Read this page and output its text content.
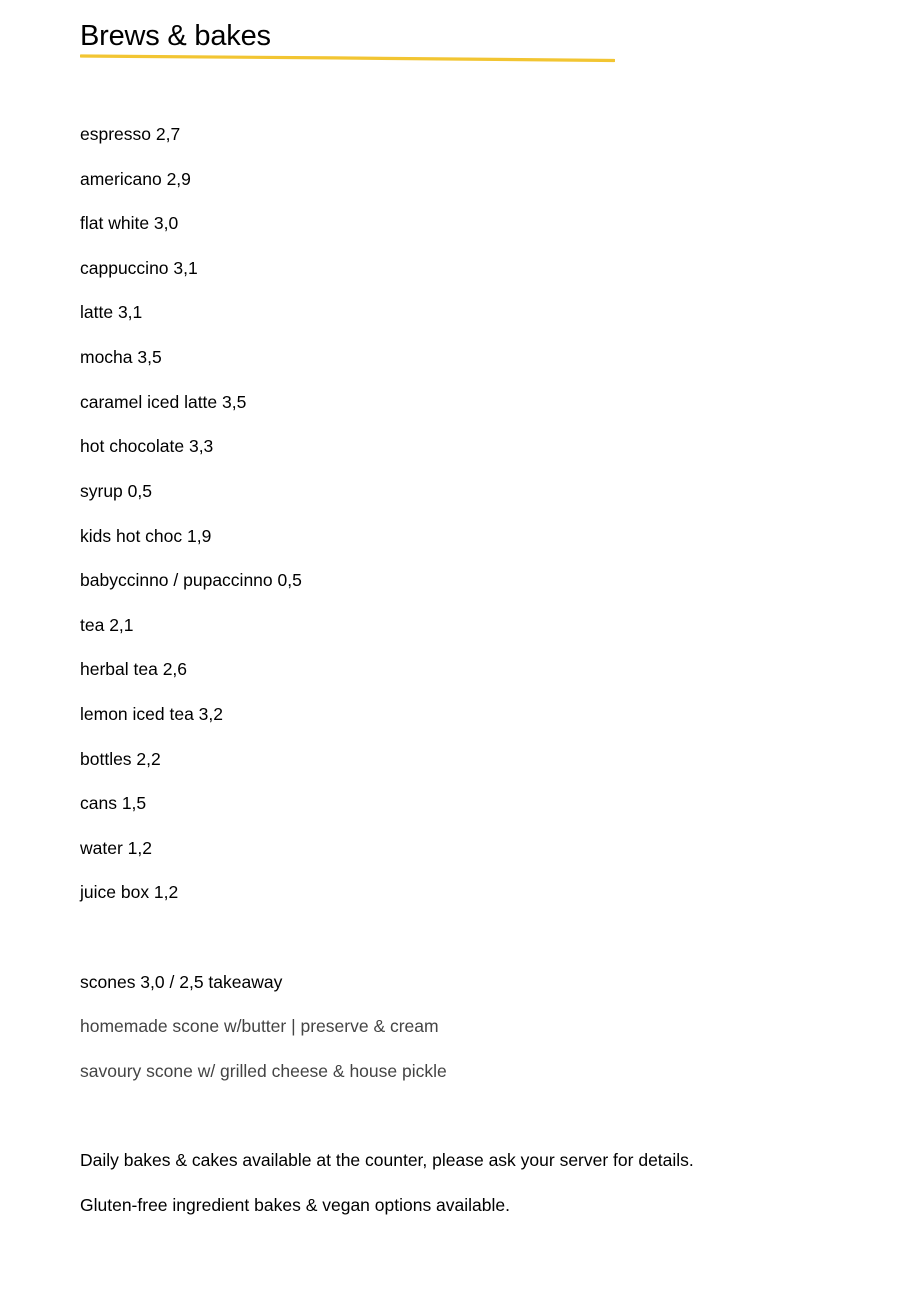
Brews & bakes

espresso 2,7

americano 2,9

flat white 3,0

cappuccino 3,1

latte 3,1

mocha 3,5

caramel iced latte 3,5

hot chocolate 3,3

syrup 0,5

kids hot choc 1,9

babyccinno / pupaccinno 0,5

tea 2,1

herbal tea 2,6

lemon iced tea 3,2

bottles 2,2

cans 1,5

water 1,2

juice box 1,2

scones 3,0 / 2,5 takeaway

homemade scone w/butter | preserve & cream

savoury scone w/ grilled cheese & house pickle

Daily bakes & cakes available at the counter, please ask your server for details.

Gluten-free ingredient bakes & vegan options available.
